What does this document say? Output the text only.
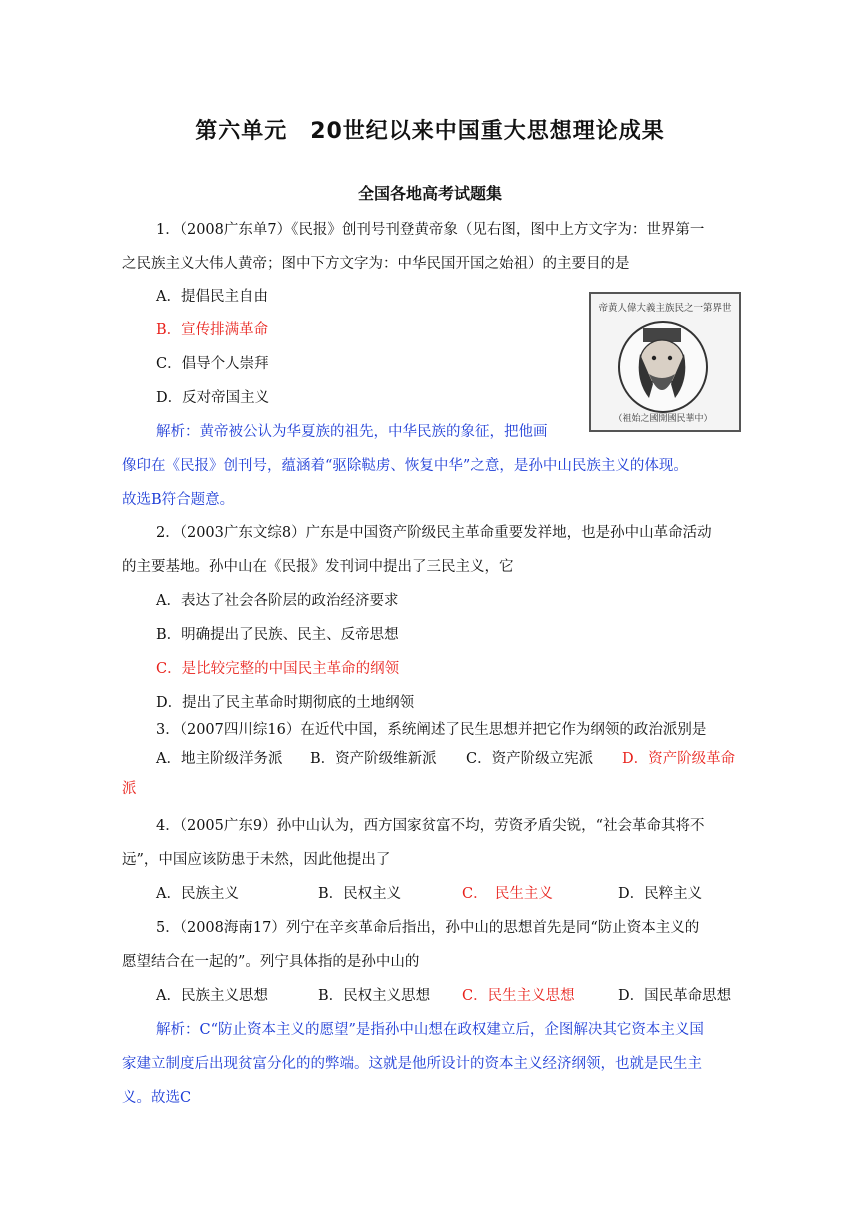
第六单元　20世纪以来中国重大思想理论成果
全国各地高考试题集
1．（2008广东单7）《民报》创刊号刊登黄帝象（见右图，图中上方文字为：世界第一
之民族主义大伟人黄帝；图中下方文字为：中华民国开国之始祖）的主要目的是
A．提倡民主自由
B．宣传排满革命
C．倡导个人崇拜
D．反对帝国主义
解析：黄帝被公认为华夏族的祖先，中华民族的象征，把他画
像印在《民报》创刊号，蕴涵着“驱除鞑虏、恢复中华”之意，是孙中山民族主义的体现。
故选B符合题意。
帝黄人偉大義主族民之一第界世
（祖始之國開國民華中）
2．（2003广东文综8）广东是中国资产阶级民主革命重要发祥地，也是孙中山革命活动
的主要基地。孙中山在《民报》发刊词中提出了三民主义，它
A．表达了社会各阶层的政治经济要求
B．明确提出了民族、民主、反帝思想
C．是比较完整的中国民主革命的纲领
D．提出了民主革命时期彻底的土地纲领
3．（2007四川综16）在近代中国，系统阐述了民生思想并把它作为纲领的政治派别是
A．地主阶级洋务派 B．资产阶级维新派 C．资产阶级立宪派 D．资产阶级革命
派
4．（2005广东9）孙中山认为，西方国家贫富不均，劳资矛盾尖锐，“社会革命其将不
远”，中国应该防患于未然，因此他提出了
A．民族主义	B．民权主义	C．　民生主义	D．民粹主义
5．（2008海南17）列宁在辛亥革命后指出，孙中山的思想首先是同“防止资本主义的
愿望结合在一起的”。列宁具体指的是孙中山的
A．民族主义思想	B．民权主义思想 C．民生主义思想	D．国民革命思想
解析：C“防止资本主义的愿望”是指孙中山想在政权建立后，企图解决其它资本主义国
家建立制度后出现贫富分化的的弊端。这就是他所设计的资本主义经济纲领，也就是民生主
义。故选C
